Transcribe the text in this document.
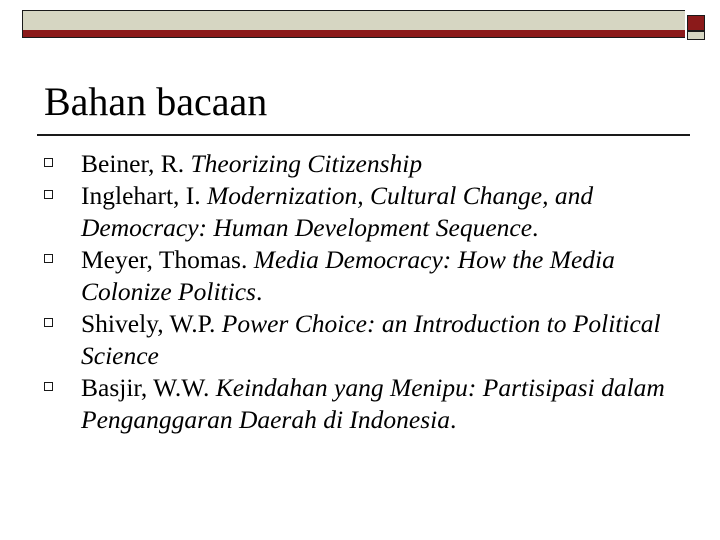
Bahan bacaan
Beiner, R. Theorizing Citizenship
Inglehart, I. Modernization, Cultural Change, and Democracy: Human Development Sequence.
Meyer, Thomas. Media Democracy: How the Media Colonize Politics.
Shively, W.P. Power Choice: an Introduction to Political Science
Basjir, W.W. Keindahan yang Menipu: Partisipasi dalam Penganggaran Daerah di Indonesia.
